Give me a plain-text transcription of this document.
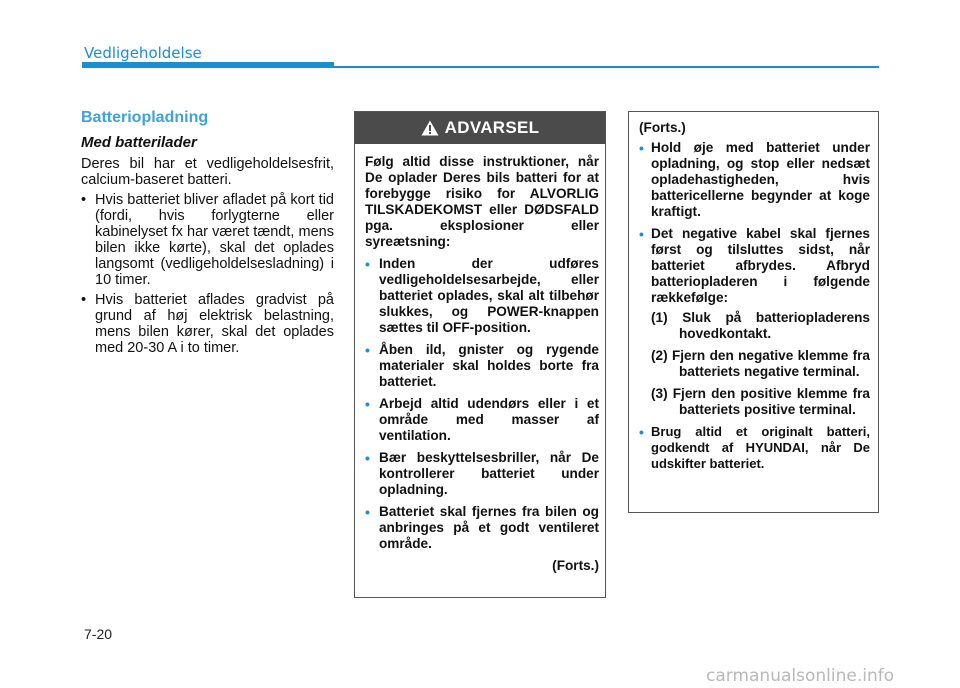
Vedligeholdelse
Batteriopladning
Med batterilader

Deres bil har et vedligeholdelsesfrit, calcium-baseret batteri.

• Hvis batteriet bliver afladet på kort tid (fordi, hvis forlygterne eller kabinelyset fx har været tændt, mens bilen ikke kørte), skal det oplades langsomt (vedligeholdelsesladning) i 10 timer.
• Hvis batteriet aflades gradvist på grund af høj elektrisk belastning, mens bilen kører, skal det oplades med 20-30 A i to timer.
ADVARSEL

Følg altid disse instruktioner, når De oplader Deres bils batteri for at forebygge risiko for ALVORLIG TILSKADEKOMST eller DØDSFALD pga. eksplosioner eller syreætsning:

• Inden der udføres vedligeholdelsesarbejde, eller batteriet oplades, skal alt tilbehør slukkes, og POWER-knappen sættes til OFF-position.
• Åben ild, gnister og rygende materialer skal holdes borte fra batteriet.
• Arbejd altid udendørs eller i et område med masser af ventilation.
• Bær beskyttelsesbriller, når De kontrollerer batteriet under opladning.
• Batteriet skal fjernes fra bilen og anbringes på et godt ventileret område.
(Forts.)

(Forts.)

• Hold øje med batteriet under opladning, og stop eller nedsæt opladehastigheden, hvis battericellerne begynder at koge kraftigt.
• Det negative kabel skal fjernes først og tilsluttes sidst, når batteriet afbrydes. Afbryd batteriopladeren i følgende rækkefølge:
(1) Sluk på batteriopladerens hovedkontakt.
(2) Fjern den negative klemme fra batteriets negative terminal.
(3) Fjern den positive klemme fra batteriets positive terminal.
• Brug altid et originalt batteri, godkendt af HYUNDAI, når De udskifter batteriet.
7-20
carmanualsonline.info
